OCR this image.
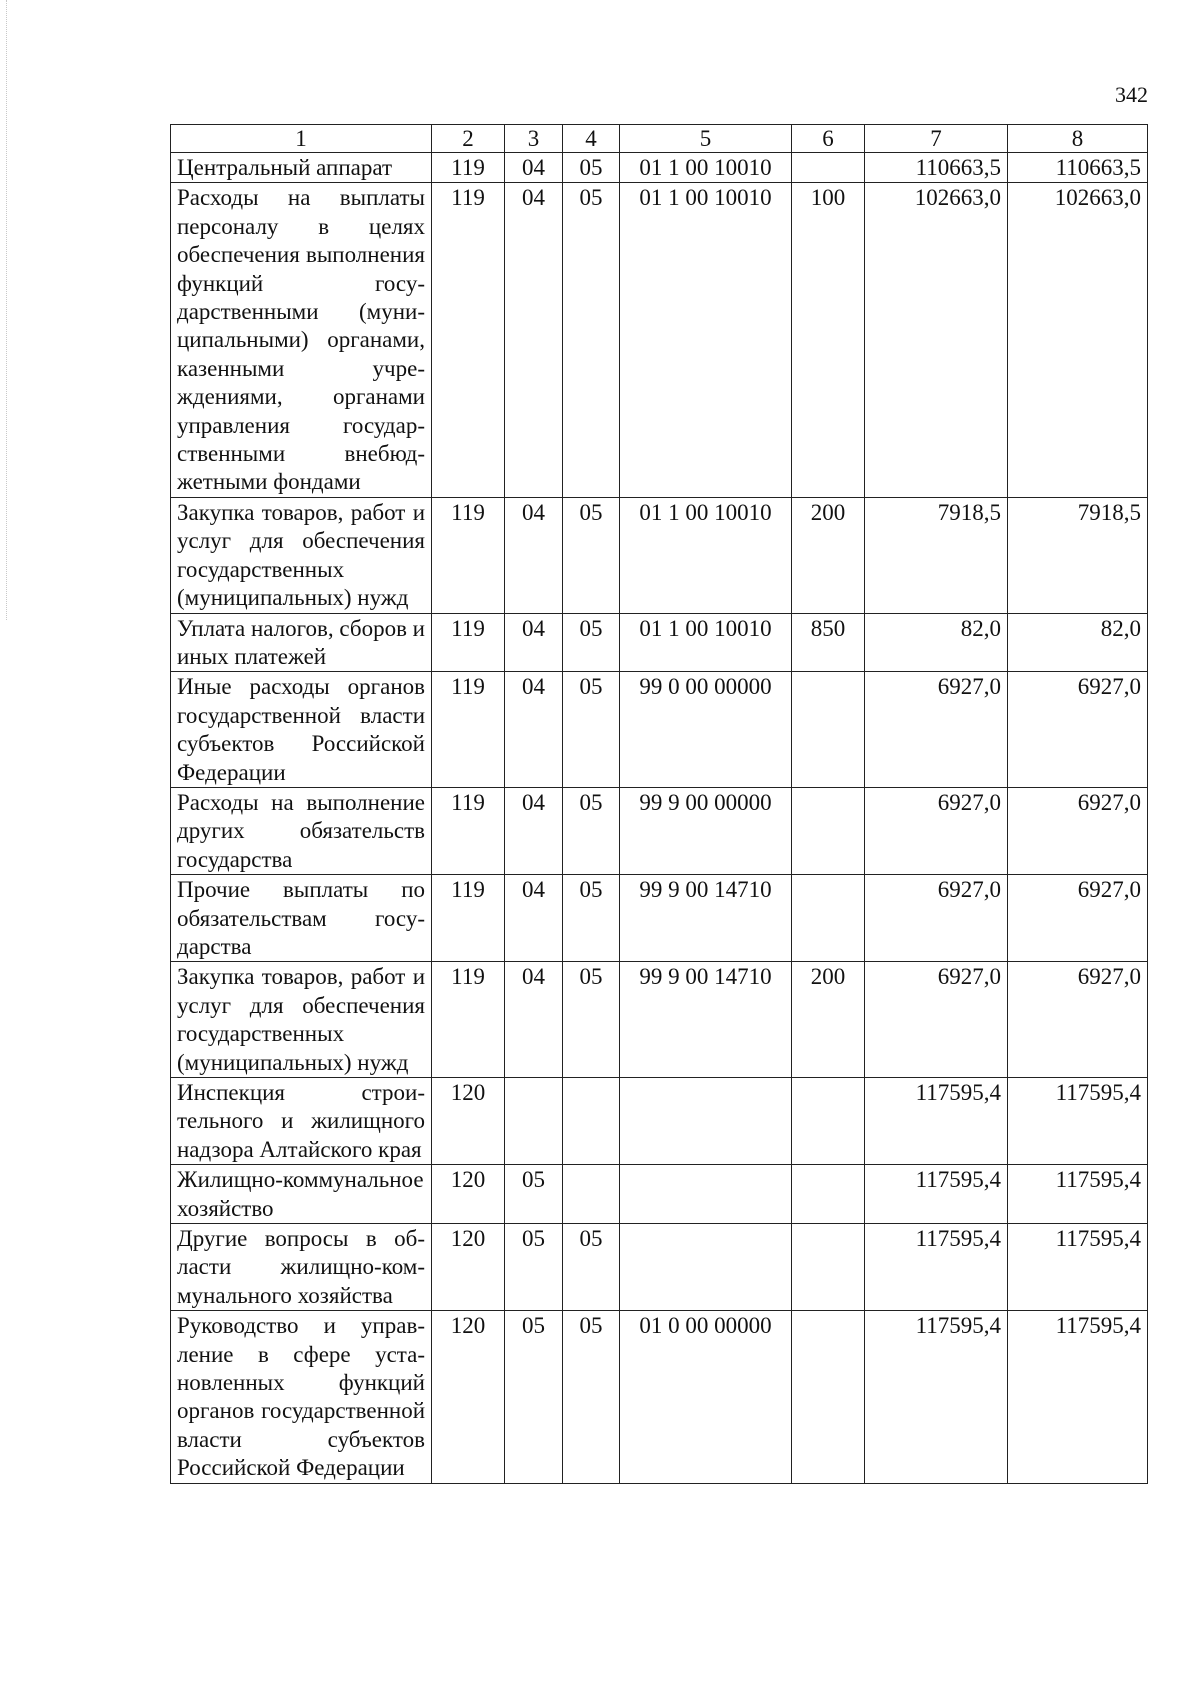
342
1	2	3	4	5	6	7	8
Центральный аппарат	119	04	05	01 1 00 10010		110663,5	110663,5
Расходы на выплаты персоналу в целях обеспечения выполнения функций государственными (муниципальными) органами, казенными учреждениями, органами управления государственными внебюджетными фондами	119	04	05	01 1 00 10010	100	102663,0	102663,0
Закупка товаров, работ и услуг для обеспечения государственных (муниципальных) нужд	119	04	05	01 1 00 10010	200	7918,5	7918,5
Уплата налогов, сборов и иных платежей	119	04	05	01 1 00 10010	850	82,0	82,0
Иные расходы органов государственной власти субъектов Российской Федерации	119	04	05	99 0 00 00000		6927,0	6927,0
Расходы на выполнение других обязательств государства	119	04	05	99 9 00 00000		6927,0	6927,0
Прочие выплаты по обязательствам государства	119	04	05	99 9 00 14710		6927,0	6927,0
Закупка товаров, работ и услуг для обеспечения государственных (муниципальных) нужд	119	04	05	99 9 00 14710	200	6927,0	6927,0
Инспекция строительного и жилищного надзора Алтайского края	120					117595,4	117595,4
Жилищно-коммунальное хозяйство	120	05				117595,4	117595,4
Другие вопросы в области жилищно-коммунального хозяйства	120	05	05			117595,4	117595,4
Руководство и управление в сфере установленных функций органов государственной власти субъектов Российской Федерации	120	05	05	01 0 00 00000		117595,4	117595,4
